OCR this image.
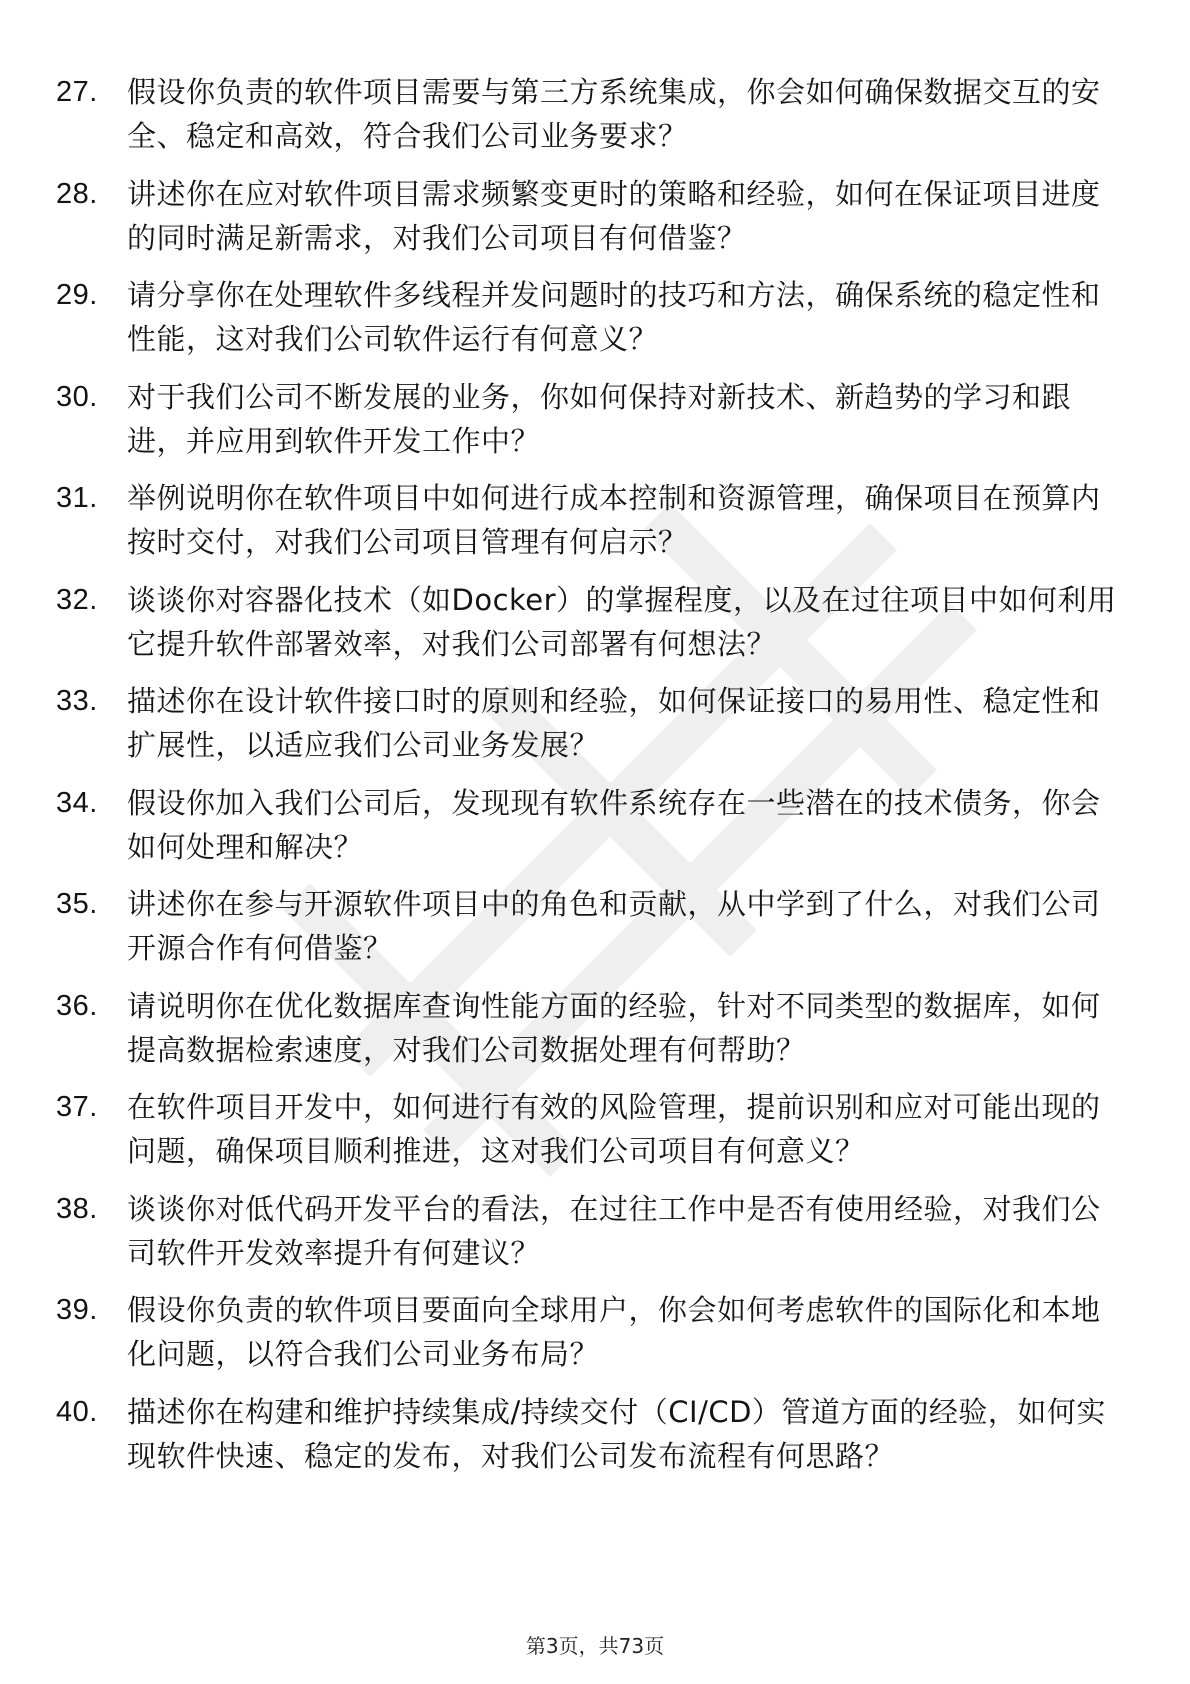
27. 假设你负责的软件项目需要与第三方系统集成，你会如何确保数据交互的安全、稳定和高效，符合我们公司业务要求？
28. 讲述你在应对软件项目需求频繁变更时的策略和经验，如何在保证项目进度的同时满足新需求，对我们公司项目有何借鉴？
29. 请分享你在处理软件多线程并发问题时的技巧和方法，确保系统的稳定性和性能，这对我们公司软件运行有何意义？
30. 对于我们公司不断发展的业务，你如何保持对新技术、新趋势的学习和跟进，并应用到软件开发工作中？
31. 举例说明你在软件项目中如何进行成本控制和资源管理，确保项目在预算内按时交付，对我们公司项目管理有何启示？
32. 谈谈你对容器化技术（如Docker）的掌握程度，以及在过往项目中如何利用它提升软件部署效率，对我们公司部署有何想法？
33. 描述你在设计软件接口时的原则和经验，如何保证接口的易用性、稳定性和扩展性，以适应我们公司业务发展？
34. 假设你加入我们公司后，发现现有软件系统存在一些潜在的技术债务，你会如何处理和解决？
35. 讲述你在参与开源软件项目中的角色和贡献，从中学到了什么，对我们公司开源合作有何借鉴？
36. 请说明你在优化数据库查询性能方面的经验，针对不同类型的数据库，如何提高数据检索速度，对我们公司数据处理有何帮助？
37. 在软件项目开发中，如何进行有效的风险管理，提前识别和应对可能出现的问题，确保项目顺利推进，这对我们公司项目有何意义？
38. 谈谈你对低代码开发平台的看法，在过往工作中是否有使用经验，对我们公司软件开发效率提升有何建议？
39. 假设你负责的软件项目要面向全球用户，你会如何考虑软件的国际化和本地化问题，以符合我们公司业务布局？
40. 描述你在构建和维护持续集成/持续交付（CI/CD）管道方面的经验，如何实现软件快速、稳定的发布，对我们公司发布流程有何思路？
第3页，共73页
